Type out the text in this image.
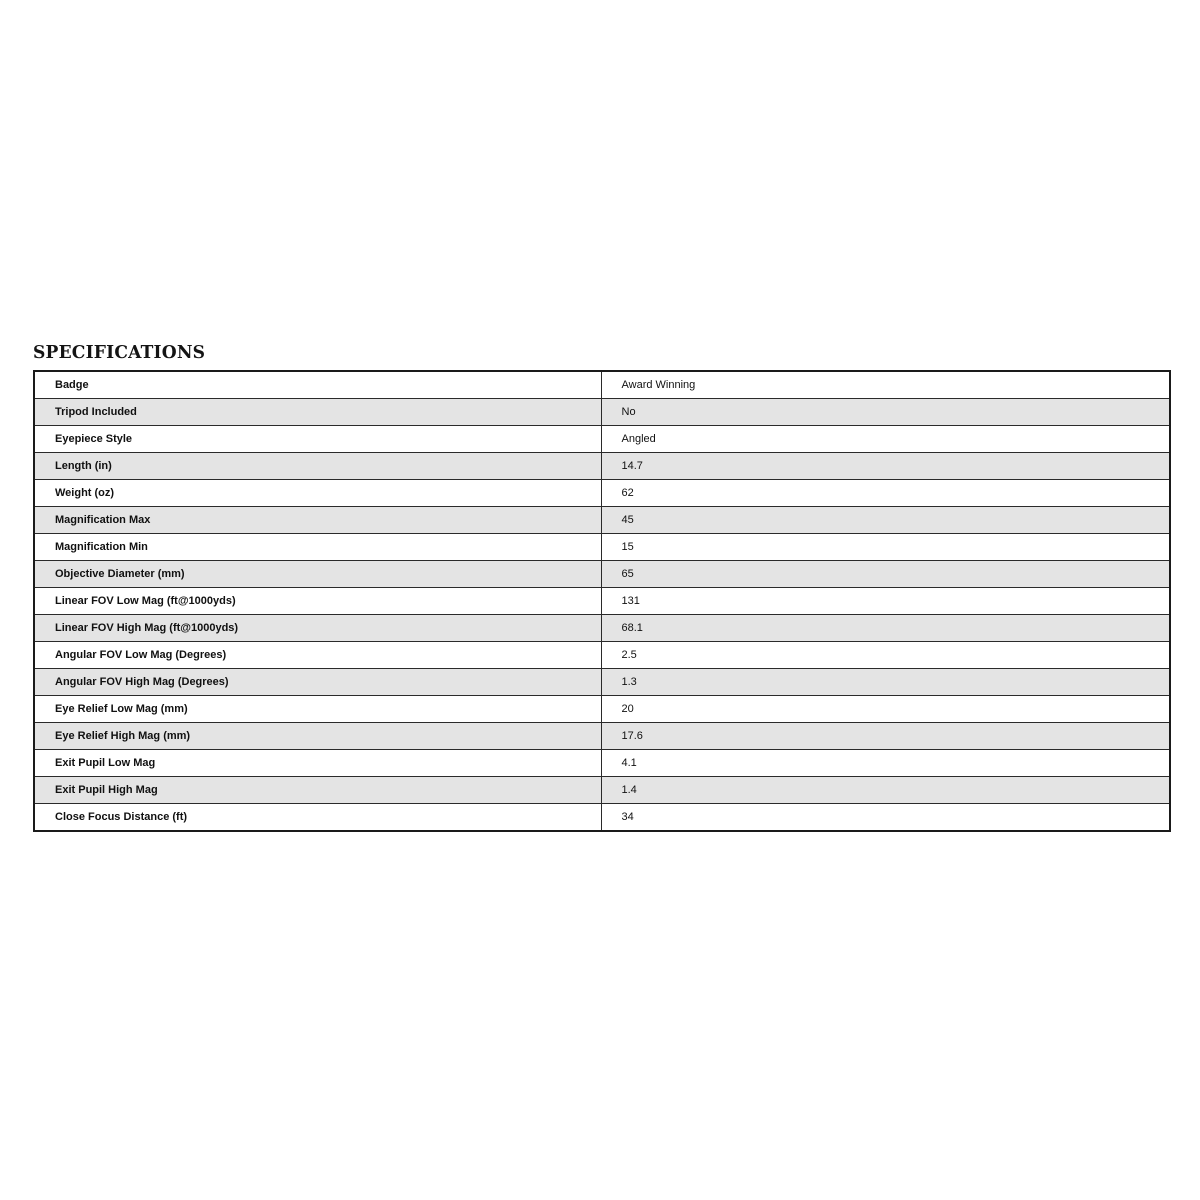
SPECIFICATIONS
Badge	Award Winning
Tripod Included	No
Eyepiece Style	Angled
Length (in)	14.7
Weight (oz)	62
Magnification Max	45
Magnification Min	15
Objective Diameter (mm)	65
Linear FOV Low Mag (ft@1000yds)	131
Linear FOV High Mag (ft@1000yds)	68.1
Angular FOV Low Mag (Degrees)	2.5
Angular FOV High Mag (Degrees)	1.3
Eye Relief Low Mag (mm)	20
Eye Relief High Mag (mm)	17.6
Exit Pupil Low Mag	4.1
Exit Pupil High Mag	1.4
Close Focus Distance (ft)	34
